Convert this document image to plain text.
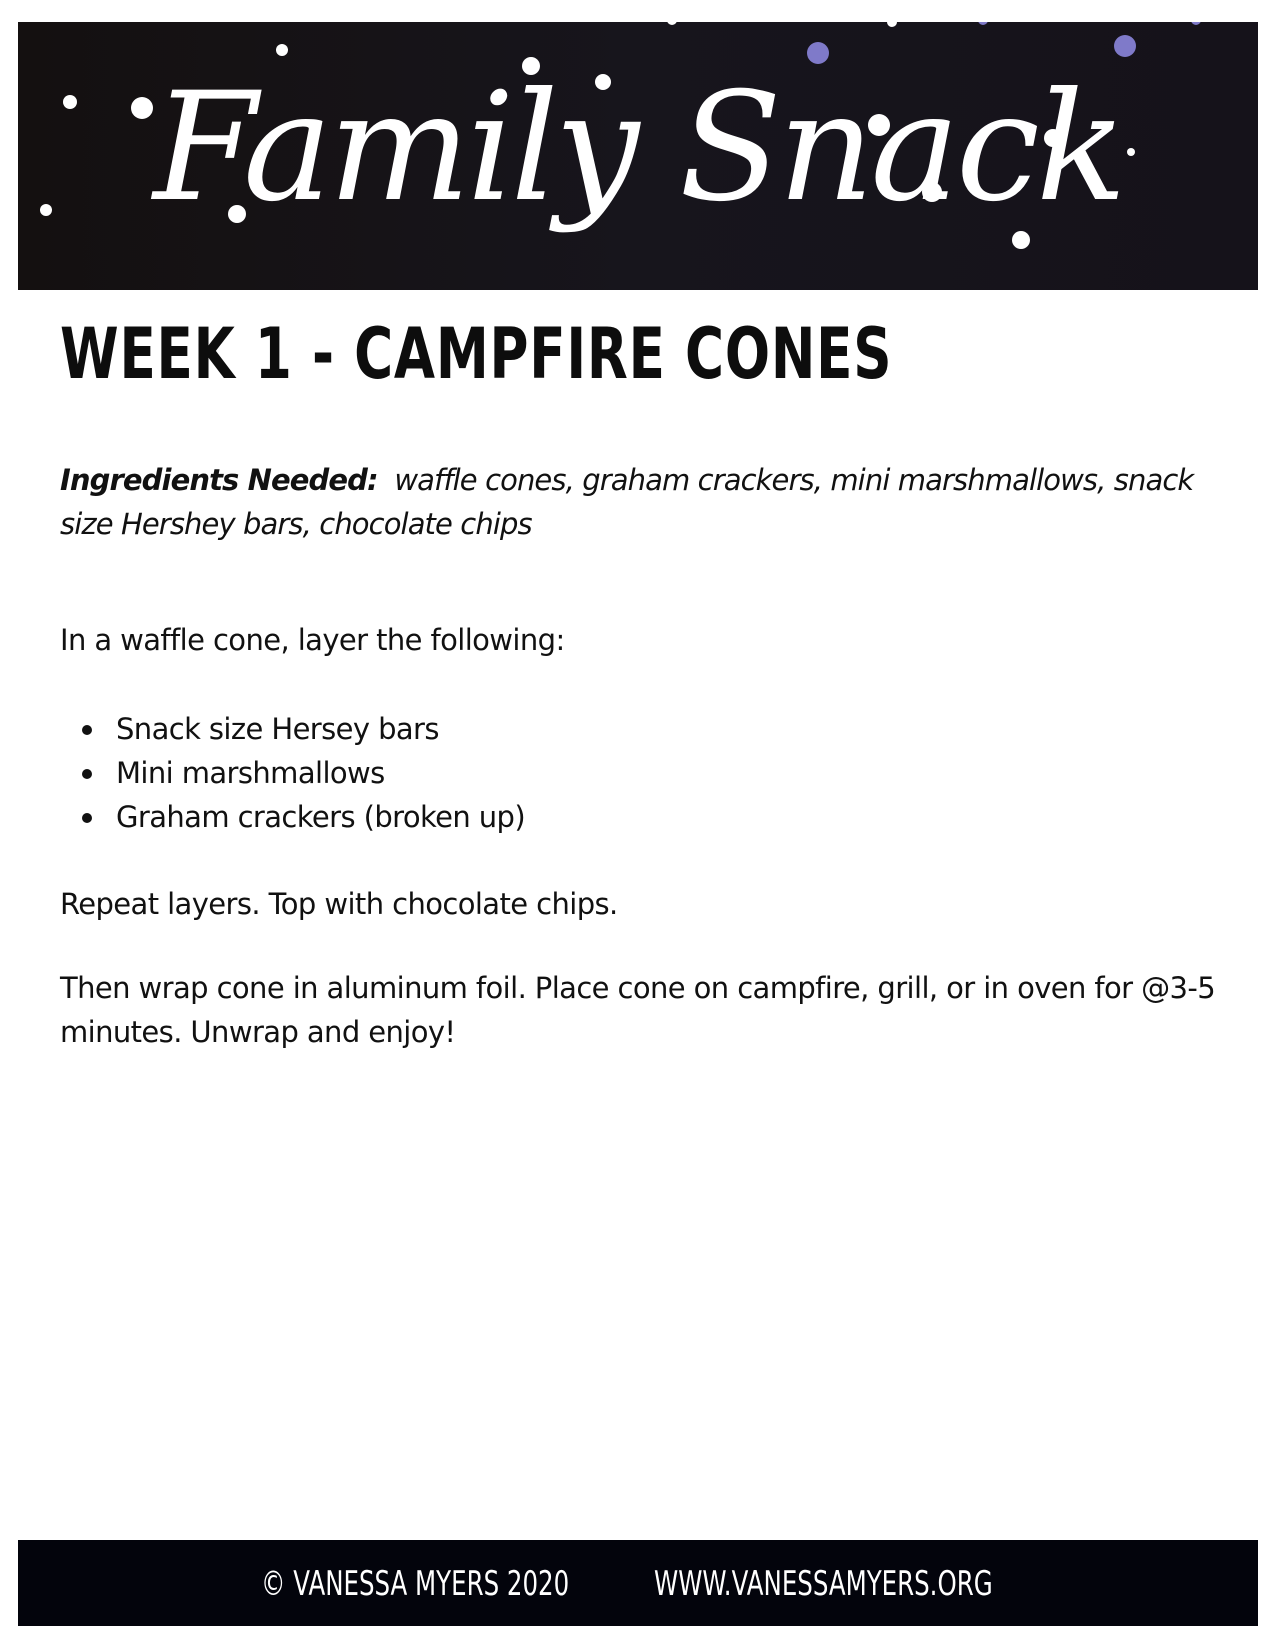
Family Snack
WEEK 1 - CAMPFIRE CONES

Ingredients Needed: waffle cones, graham crackers, mini marshmallows, snack size Hershey bars, chocolate chips

In a waffle cone, layer the following:

Snack size Hersey bars
Mini marshmallows
Graham crackers (broken up)

Repeat layers. Top with chocolate chips.

Then wrap cone in aluminum foil. Place cone on campfire, grill, or in oven for @3-5 minutes. Unwrap and enjoy!

© VANESSA MYERS 2020 WWW.VANESSAMYERS.ORG
